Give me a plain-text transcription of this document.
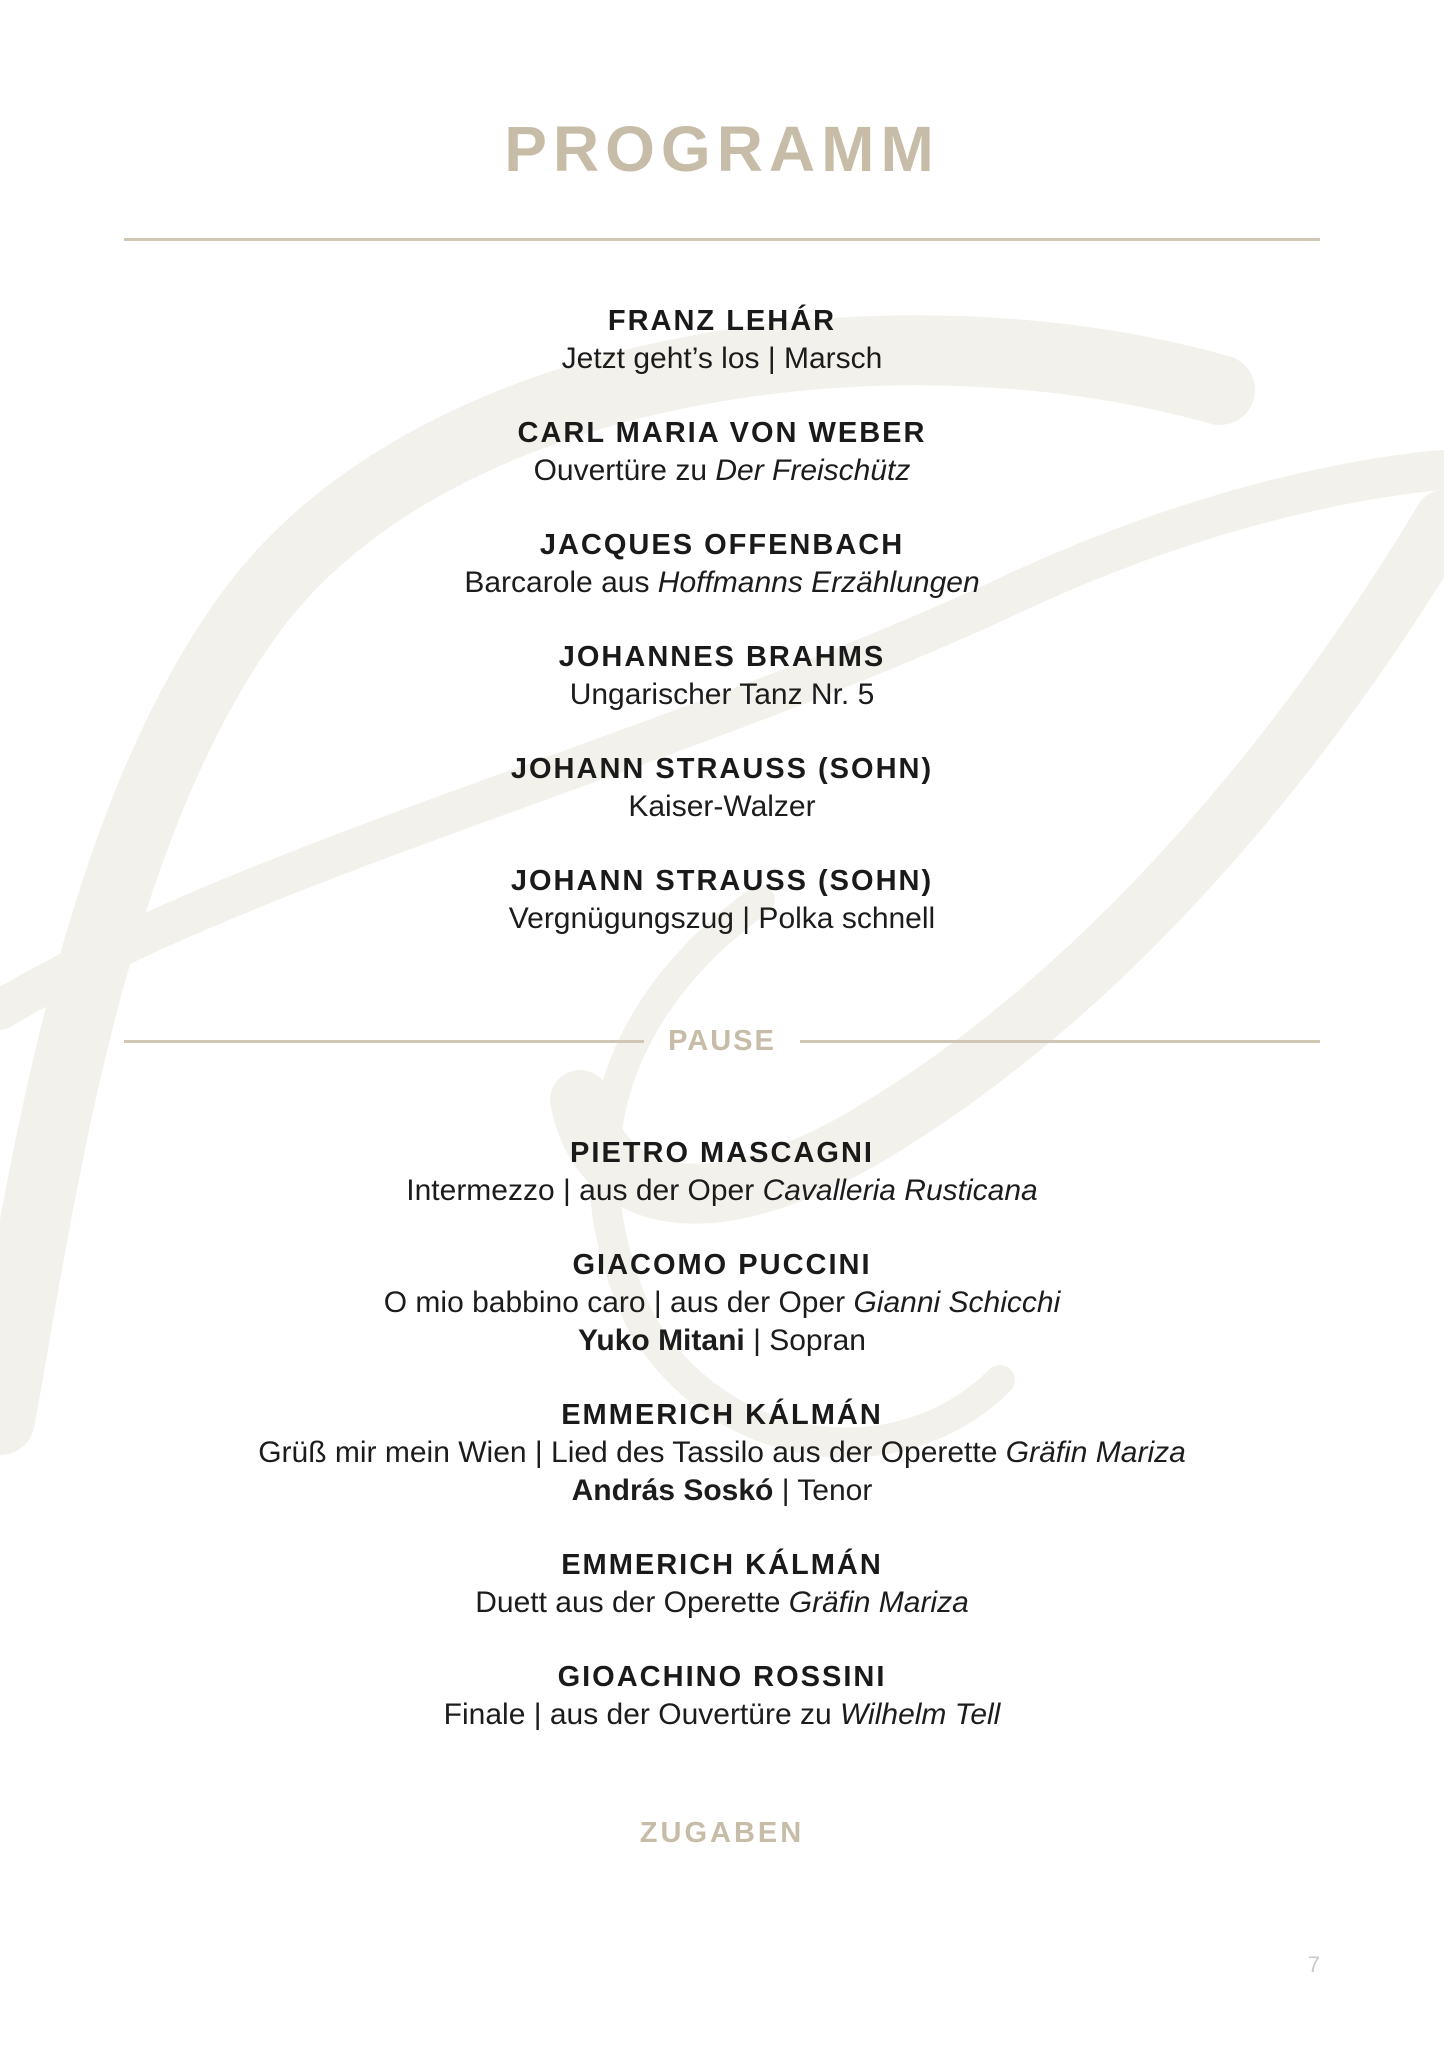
PROGRAMM
FRANZ LEHÁR
Jetzt geht’s los | Marsch
CARL MARIA VON WEBER
Ouvertüre zu Der Freischütz
JACQUES OFFENBACH
Barcarole aus Hoffmanns Erzählungen
JOHANNES BRAHMS
Ungarischer Tanz Nr. 5
JOHANN STRAUSS (SOHN)
Kaiser-Walzer
JOHANN STRAUSS (SOHN)
Vergnügungszug | Polka schnell
PAUSE
PIETRO MASCAGNI
Intermezzo | aus der Oper Cavalleria Rusticana
GIACOMO PUCCINI
O mio babbino caro | aus der Oper Gianni Schicchi
Yuko Mitani | Sopran
EMMERICH KÁLMÁN
Grüß mir mein Wien | Lied des Tassilo aus der Operette Gräfin Mariza
András Soskó | Tenor
EMMERICH KÁLMÁN
Duett aus der Operette Gräfin Mariza
GIOACHINO ROSSINI
Finale | aus der Ouvertüre zu Wilhelm Tell
ZUGABEN
7
